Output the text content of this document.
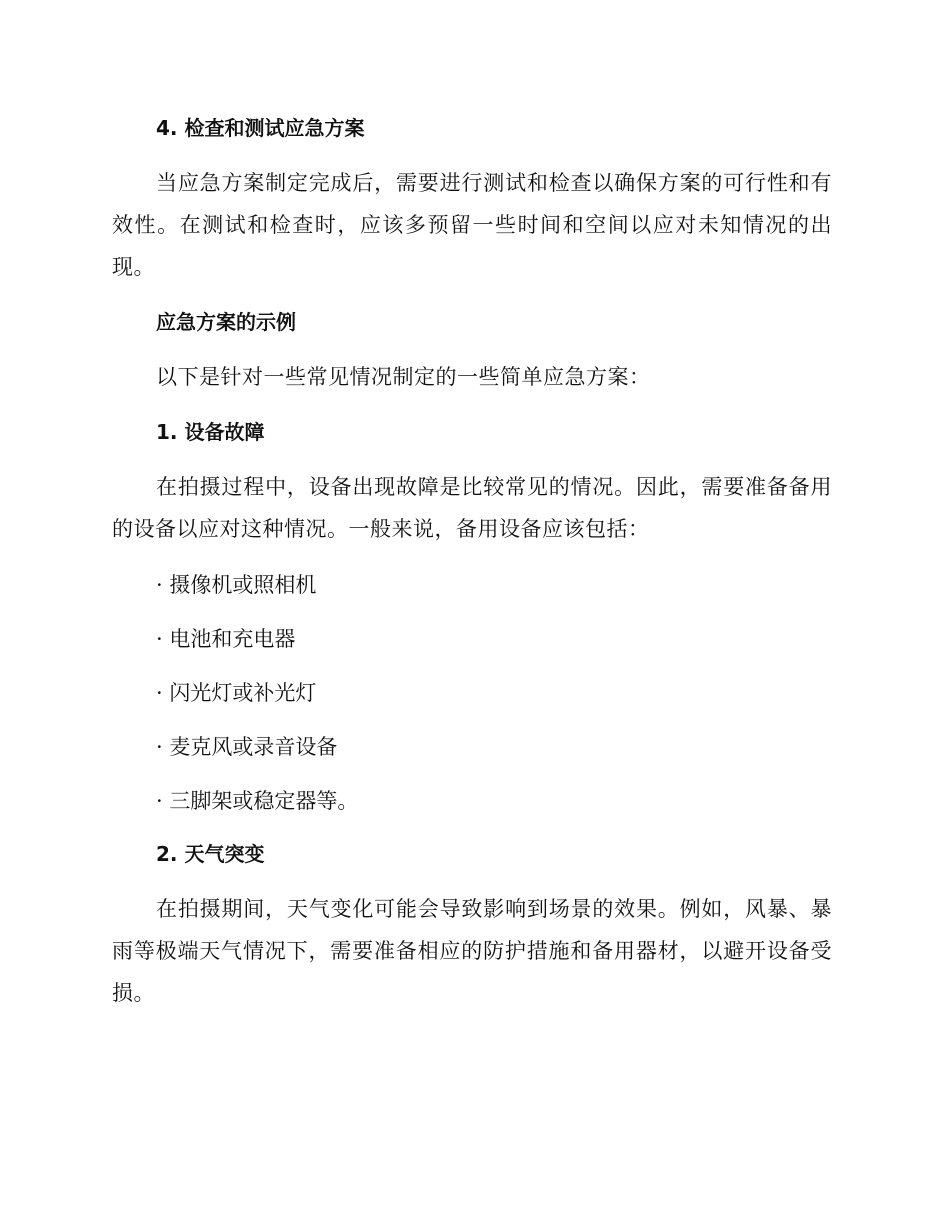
4. 检查和测试应急方案

当应急方案制定完成后，需要进行测试和检查以确保方案的可行性和有效性。在测试和检查时，应该多预留一些时间和空间以应对未知情况的出现。

应急方案的示例

以下是针对一些常见情况制定的一些简单应急方案：

1. 设备故障

在拍摄过程中，设备出现故障是比较常见的情况。因此，需要准备备用的设备以应对这种情况。一般来说，备用设备应该包括：

· 摄像机或照相机

· 电池和充电器

· 闪光灯或补光灯

· 麦克风或录音设备

· 三脚架或稳定器等。

2. 天气突变

在拍摄期间，天气变化可能会导致影响到场景的效果。例如，风暴、暴雨等极端天气情况下，需要准备相应的防护措施和备用器材，以避开设备受损。
